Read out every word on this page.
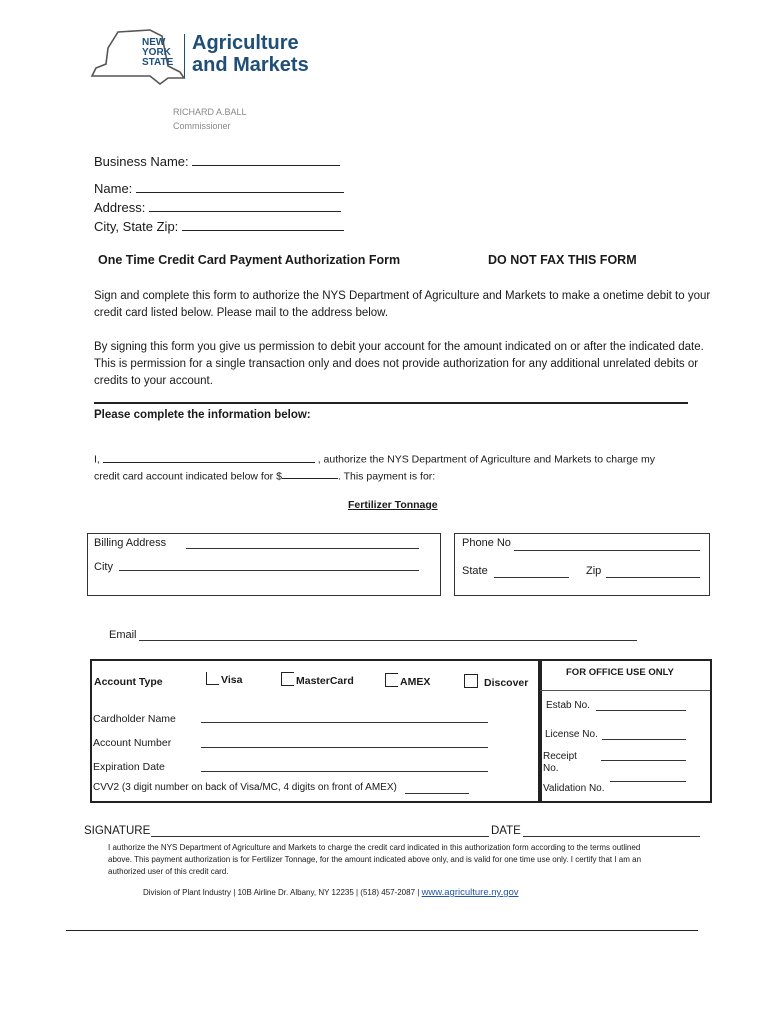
NEW
YORK
STATE
Agriculture
and Markets
RICHARD A.BALL
Commissioner
Business Name:
Name:
Address:
City, State Zip:
One Time Credit Card Payment Authorization Form	DO NOT FAX THIS FORM
Sign and complete this form to authorize the NYS Department of Agriculture and Markets to make a onetime debit to your credit card listed below. Please mail to the address below.
By signing this form you give us permission to debit your account for the amount indicated on or after the indicated date. This is permission for a single transaction only and does not provide authorization for any additional unrelated debits or credits to your account.
Please complete the information below:
I,	, authorize the NYS Department of Agriculture and Markets to charge my
credit card account indicated below for $	. This payment is for:
Fertilizer Tonnage
Billing Address
City
Phone No
State	Zip
Email
Account Type	Visa	MasterCard	AMEX	Discover
Cardholder Name
Account Number
Expiration Date
CVV2 (3 digit number on back of Visa/MC, 4 digits on front of AMEX)
FOR OFFICE USE ONLY
Estab No.
License No.
Receipt
No.
Validation No.
SIGNATURE	DATE
I authorize the NYS Department of Agriculture and Markets to charge the credit card indicated in this authorization form according to the terms outlined above. This payment authorization is for Fertilizer Tonnage, for the amount indicated above only, and is valid for one time use only. I certify that I am an authorized user of this credit card.
Division of Plant Industry | 10B Airline Dr. Albany, NY 12235 | (518) 457-2087 | www.agriculture.ny.gov
